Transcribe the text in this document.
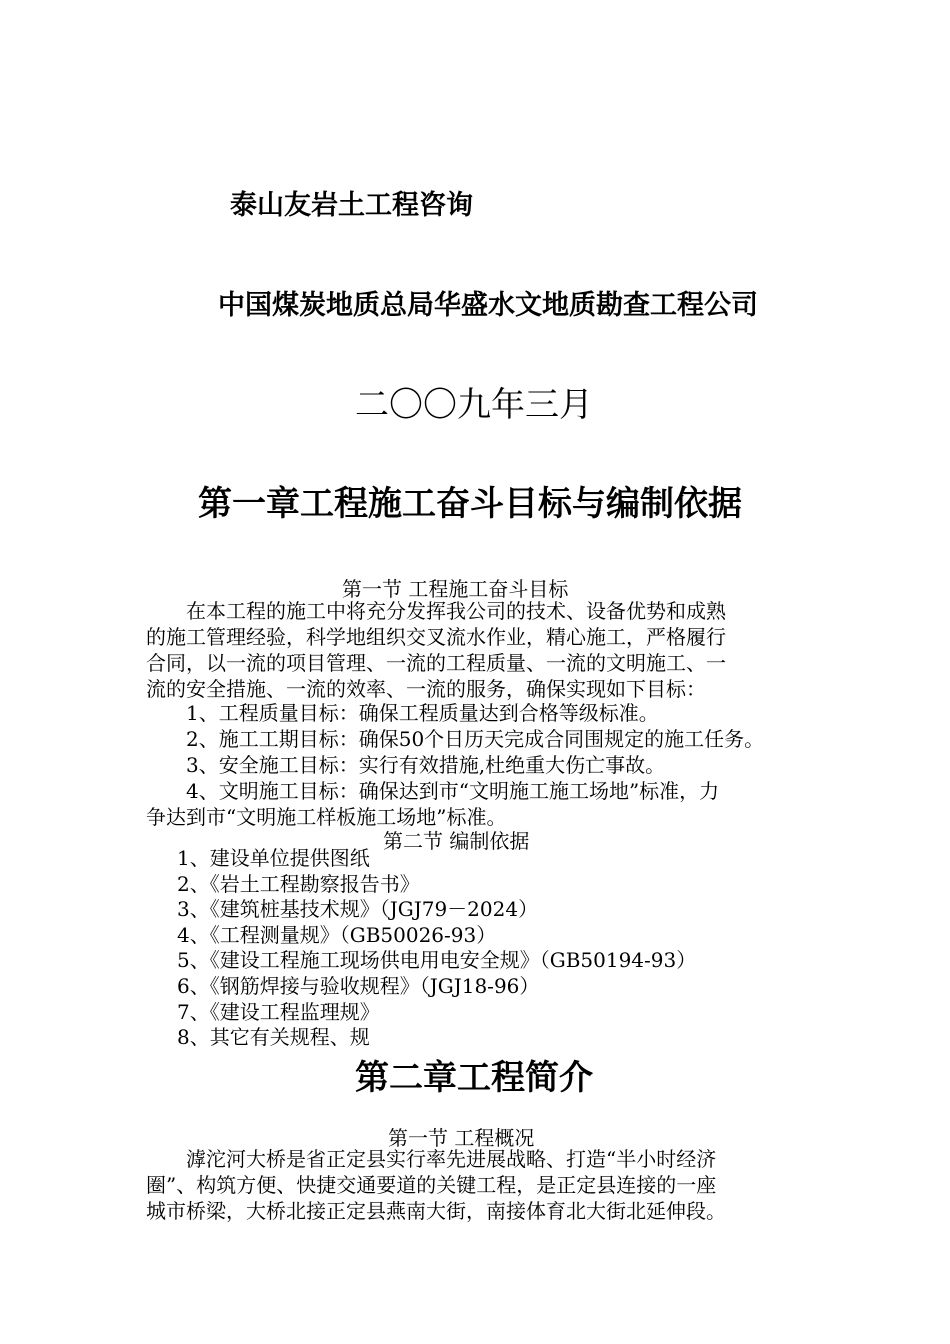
泰山友岩土工程咨询
中国煤炭地质总局华盛水文地质勘查工程公司
二〇〇九年三月
第一章工程施工奋斗目标与编制依据
第一节 工程施工奋斗目标
在本工程的施工中将充分发挥我公司的技术、设备优势和成熟
的施工管理经验，科学地组织交叉流水作业，精心施工，严格履行
合同，以一流的项目管理、一流的工程质量、一流的文明施工、一
流的安全措施、一流的效率、一流的服务，确保实现如下目标：
1、工程质量目标：确保工程质量达到合格等级标准。
2、施工工期目标：确保50个日历天完成合同围规定的施工任务。
3、安全施工目标：实行有效措施,杜绝重大伤亡事故。
4、文明施工目标：确保达到市“文明施工施工场地”标准，力
争达到市“文明施工样板施工场地”标准。
第二节 编制依据
1、建设单位提供图纸
2、《岩土工程勘察报告书》
3、《建筑桩基技术规》（JGJ79－2024）
4、《工程测量规》（GB50026-93）
5、《建设工程施工现场供电用电安全规》（GB50194-93）
6、《钢筋焊接与验收规程》（JGJ18-96）
7、《建设工程监理规》
8、其它有关规程、规
第二章工程简介
第一节 工程概况
滹沱河大桥是省正定县实行率先进展战略、打造“半小时经济
圈”、构筑方便、快捷交通要道的关键工程，是正定县连接的一座
城市桥梁，大桥北接正定县燕南大街，南接体育北大街北延伸段。
